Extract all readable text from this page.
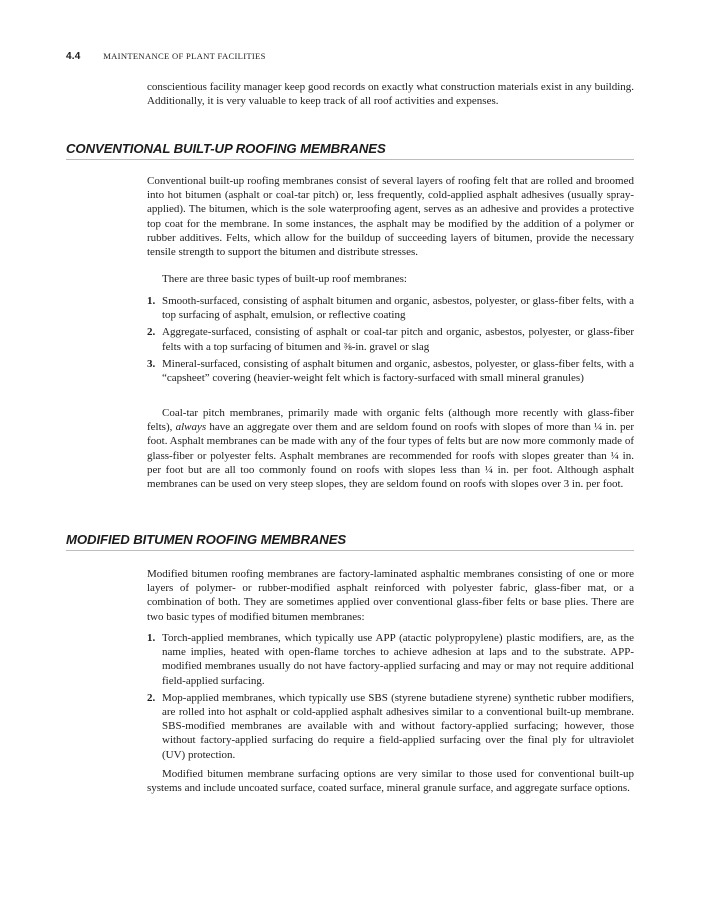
4.4	MAINTENANCE OF PLANT FACILITIES

conscientious facility manager keep good records on exactly what construction materials exist in any building. Additionally, it is very valuable to keep track of all roof activities and expenses.

CONVENTIONAL BUILT-UP ROOFING MEMBRANES

Conventional built-up roofing membranes consist of several layers of roofing felt that are rolled and broomed into hot bitumen (asphalt or coal-tar pitch) or, less frequently, cold-applied asphalt adhesives (usually spray-applied). The bitumen, which is the sole waterproofing agent, serves as an adhesive and provides a protective top coat for the membrane. In some instances, the asphalt may be modified by the addition of a polymer or rubber additives. Felts, which allow for the buildup of succeeding layers of bitumen, provide the necessary tensile strength to support the bitumen and distribute stresses.

There are three basic types of built-up roof membranes:

1. Smooth-surfaced, consisting of asphalt bitumen and organic, asbestos, polyester, or glass-fiber felts, with a top surfacing of asphalt, emulsion, or reflective coating
2. Aggregate-surfaced, consisting of asphalt or coal-tar pitch and organic, asbestos, polyester, or glass-fiber felts with a top surfacing of bitumen and ⅜-in. gravel or slag
3. Mineral-surfaced, consisting of asphalt bitumen and organic, asbestos, polyester, or glass-fiber felts, with a “capsheet” covering (heavier-weight felt which is factory-surfaced with small mineral granules)

Coal-tar pitch membranes, primarily made with organic felts (although more recently with glass-fiber felts), always have an aggregate over them and are seldom found on roofs with slopes of more than ¼ in. per foot. Asphalt membranes can be made with any of the four types of felts but are now more commonly made of glass-fiber or polyester felts. Asphalt membranes are recommended for roofs with slopes greater than ¼ in. per foot but are all too commonly found on roofs with slopes less than ¼ in. per foot. Although asphalt membranes can be used on very steep slopes, they are seldom found on roofs with slopes over 3 in. per foot.

MODIFIED BITUMEN ROOFING MEMBRANES

Modified bitumen roofing membranes are factory-laminated asphaltic membranes consisting of one or more layers of polymer- or rubber-modified asphalt reinforced with polyester fabric, glass-fiber mat, or a combination of both. They are sometimes applied over conventional glass-fiber felts or base plies. There are two basic types of modified bitumen membranes:

1. Torch-applied membranes, which typically use APP (atactic polypropylene) plastic modifiers, are, as the name implies, heated with open-flame torches to achieve adhesion at laps and to the substrate. APP-modified membranes usually do not have factory-applied surfacing and may or may not require additional field-applied surfacing.
2. Mop-applied membranes, which typically use SBS (styrene butadiene styrene) synthetic rubber modifiers, are rolled into hot asphalt or cold-applied asphalt adhesives similar to a conventional built-up membrane. SBS-modified membranes are available with and without factory-applied surfacing; however, those without factory-applied surfacing do require a field-applied surfacing over the final ply for ultraviolet (UV) protection.

Modified bitumen membrane surfacing options are very similar to those used for conventional built-up systems and include uncoated surface, coated surface, mineral granule surface, and aggregate surface options.
